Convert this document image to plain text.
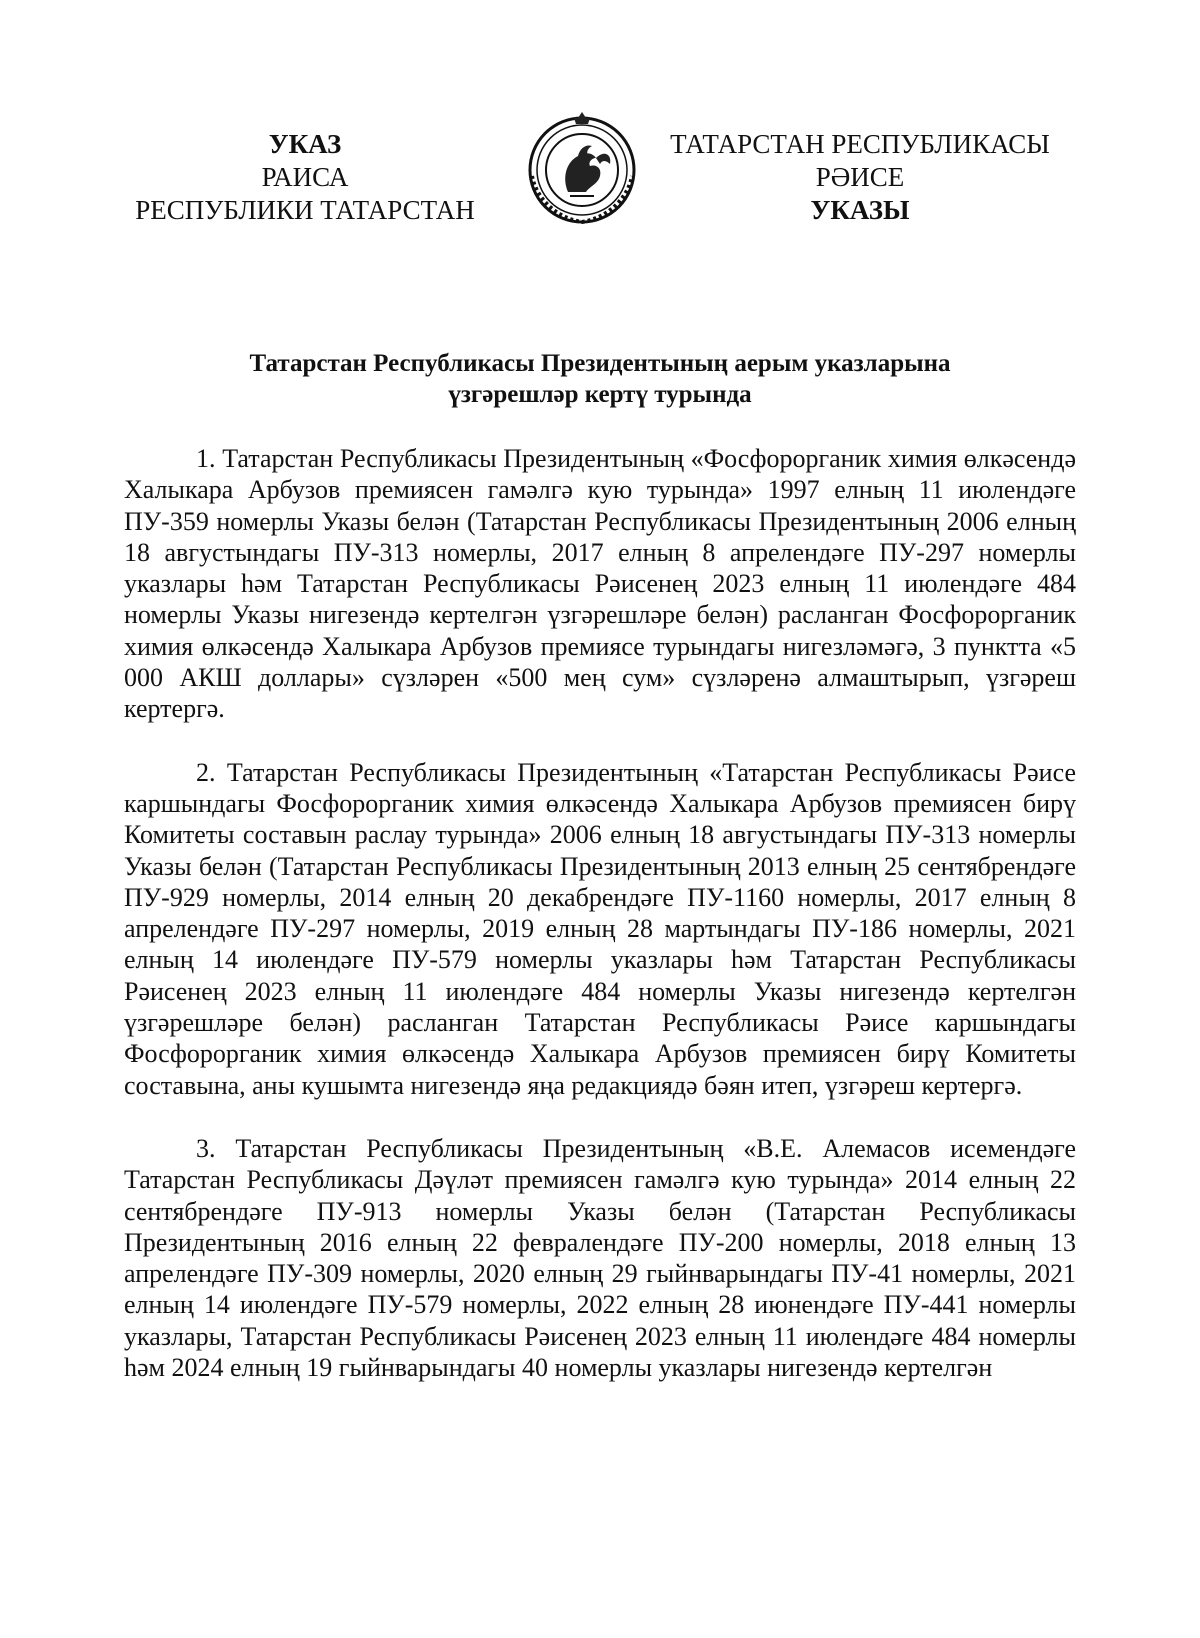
УКАЗ
РАИСА
РЕСПУБЛИКИ ТАТАРСТАН
ТАТАРСТАН РЕСПУБЛИКАСЫ
РӘИСЕ
УКАЗЫ
Татарстан Республикасы Президентының аерым указларына
үзгәрешләр кертү турында

1. Татарстан Республикасы Президентының «Фосфорорганик химия өлкәсендә Халыкара Арбузов премиясен гамәлгә кую турында» 1997 елның 11 июлендәге ПУ-359 номерлы Указы белән (Татарстан Республикасы Президентының 2006 елның 18 августындагы ПУ-313 номерлы, 2017 елның 8 апрелендәге ПУ-297 номерлы указлары һәм Татарстан Республикасы Рәисенең 2023 елның 11 июлендәге 484 номерлы Указы нигезендә кертелгән үзгәрешләре белән) расланган Фосфорорганик химия өлкәсендә Халыкара Арбузов премиясе турындагы нигезләмәгә, 3 пунктта «5 000 АКШ доллары» сүзләрен «500 мең сум» сүзләренә алмаштырып, үзгәреш кертергә.

2. Татарстан Республикасы Президентының «Татарстан Республикасы Рәисе каршындагы Фосфорорганик химия өлкәсендә Халыкара Арбузов премиясен бирү Комитеты составын раслау турында» 2006 елның 18 августындагы ПУ-313 номерлы Указы белән (Татарстан Республикасы Президентының 2013 елның 25 сентябрендәге ПУ-929 номерлы, 2014 елның 20 декабрендәге ПУ-1160 номерлы, 2017 елның 8 апрелендәге ПУ-297 номерлы, 2019 елның 28 мартындагы ПУ-186 номерлы, 2021 елның 14 июлендәге ПУ-579 номерлы указлары һәм Татарстан Республикасы Рәисенең 2023 елның 11 июлендәге 484 номерлы Указы нигезендә кертелгән үзгәрешләре белән) расланган Татарстан Республикасы Рәисе каршындагы Фосфорорганик химия өлкәсендә Халыкара Арбузов премиясен бирү Комитеты составына, аны кушымта нигезендә яңа редакциядә бәян итеп, үзгәреш кертергә.

3. Татарстан Республикасы Президентының «В.Е. Алемасов исемендәге Татарстан Республикасы Дәүләт премиясен гамәлгә кую турында» 2014 елның 22 сентябрендәге ПУ-913 номерлы Указы белән (Татарстан Республикасы Президентының 2016 елның 22 февралендәге ПУ-200 номерлы, 2018 елның 13 апрелендәге ПУ-309 номерлы, 2020 елның 29 гыйнварындагы ПУ-41 номерлы, 2021 елның 14 июлендәге ПУ-579 номерлы, 2022 елның 28 июнендәге ПУ-441 номерлы указлары, Татарстан Республикасы Рәисенең 2023 елның 11 июлендәге 484 номерлы һәм 2024 елның 19 гыйнварындагы 40 номерлы указлары нигезендә кертелгән
